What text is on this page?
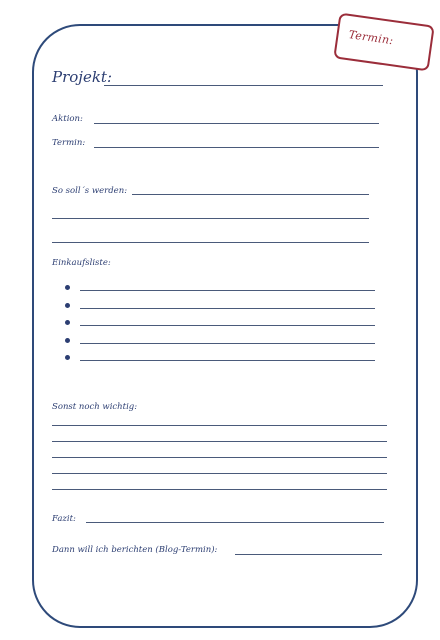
Termin:
Projekt:
Aktion:
Termin:
So soll´s werden:
Einkaufsliste:
Sonst noch wichtig:
Fazit:
Dann will ich berichten (Blog-Termin):
